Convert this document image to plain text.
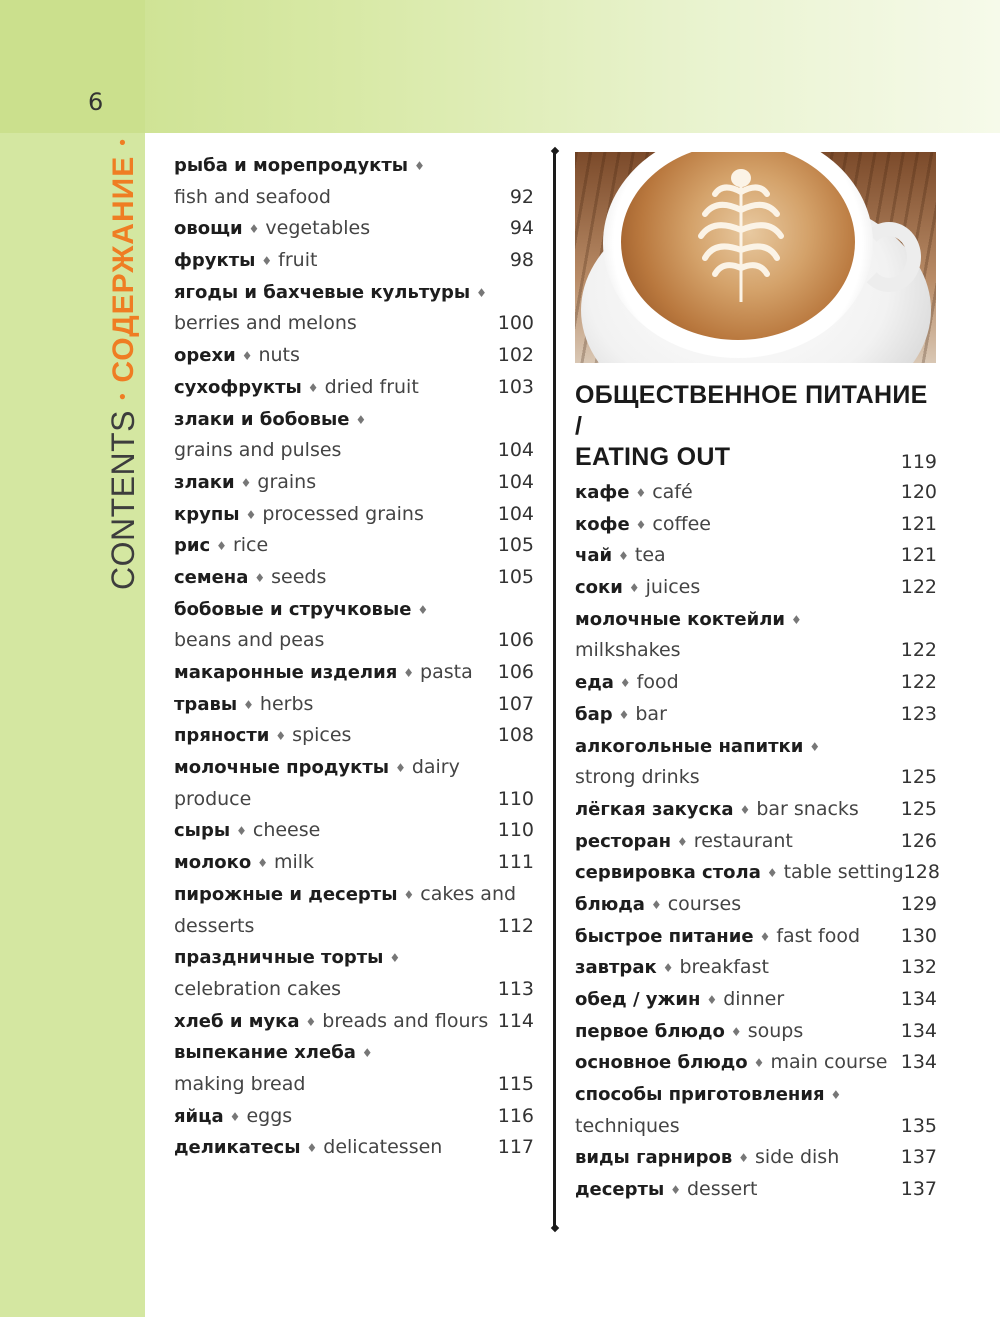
6
CONTENTS
•
СОДЕРЖАНИЕ
•
рыба и морепродукты ♦
fish and seafood	92
овощи ♦ vegetables	94
фрукты ♦ fruit	98
ягоды и бахчевые культуры ♦
berries and melons	100
орехи ♦ nuts	102
сухофрукты ♦ dried fruit	103
злаки и бобовые ♦
grains and pulses	104
злаки ♦ grains	104
крупы ♦ processed grains	104
рис ♦ rice	105
семена ♦ seeds	105
бобовые и стручковые ♦
beans and peas	106
макаронные изделия ♦ pasta 106
травы ♦ herbs	107
пряности ♦ spices	108
молочные продукты ♦ dairy
produce	110
сыры ♦ cheese	110
молоко ♦ milk	111
пирожные и десерты ♦ cakes and
desserts	112
праздничные торты ♦
celebration cakes	113
хлеб и мука ♦ breads and flours 114
выпекание хлеба ♦
making bread	115
яйца ♦ eggs	116
деликатесы ♦ delicatessen	117
ОБЩЕСТВЕННОЕ ПИТАНИЕ /
EATING OUT	119
кафе ♦ café	120
кофе ♦ coffee	121
чай ♦ tea	121
соки ♦ juices	122
молочные коктейли ♦
milkshakes	122
еда ♦ food	122
бар ♦ bar	123
алкогольные напитки ♦
strong drinks	125
лёгкая закуска ♦ bar snacks 125
ресторан ♦ restaurant	126
сервировка стола ♦ table setting 128
блюда ♦ courses	129
быстрое питание ♦ fast food 130
завтрак ♦ breakfast	132
обед / ужин ♦ dinner	134
первое блюдо ♦ soups	134
основное блюдо ♦ main course 134
способы приготовления ♦
techniques	135
виды гарниров ♦ side dish	137
десерты ♦ dessert	137
